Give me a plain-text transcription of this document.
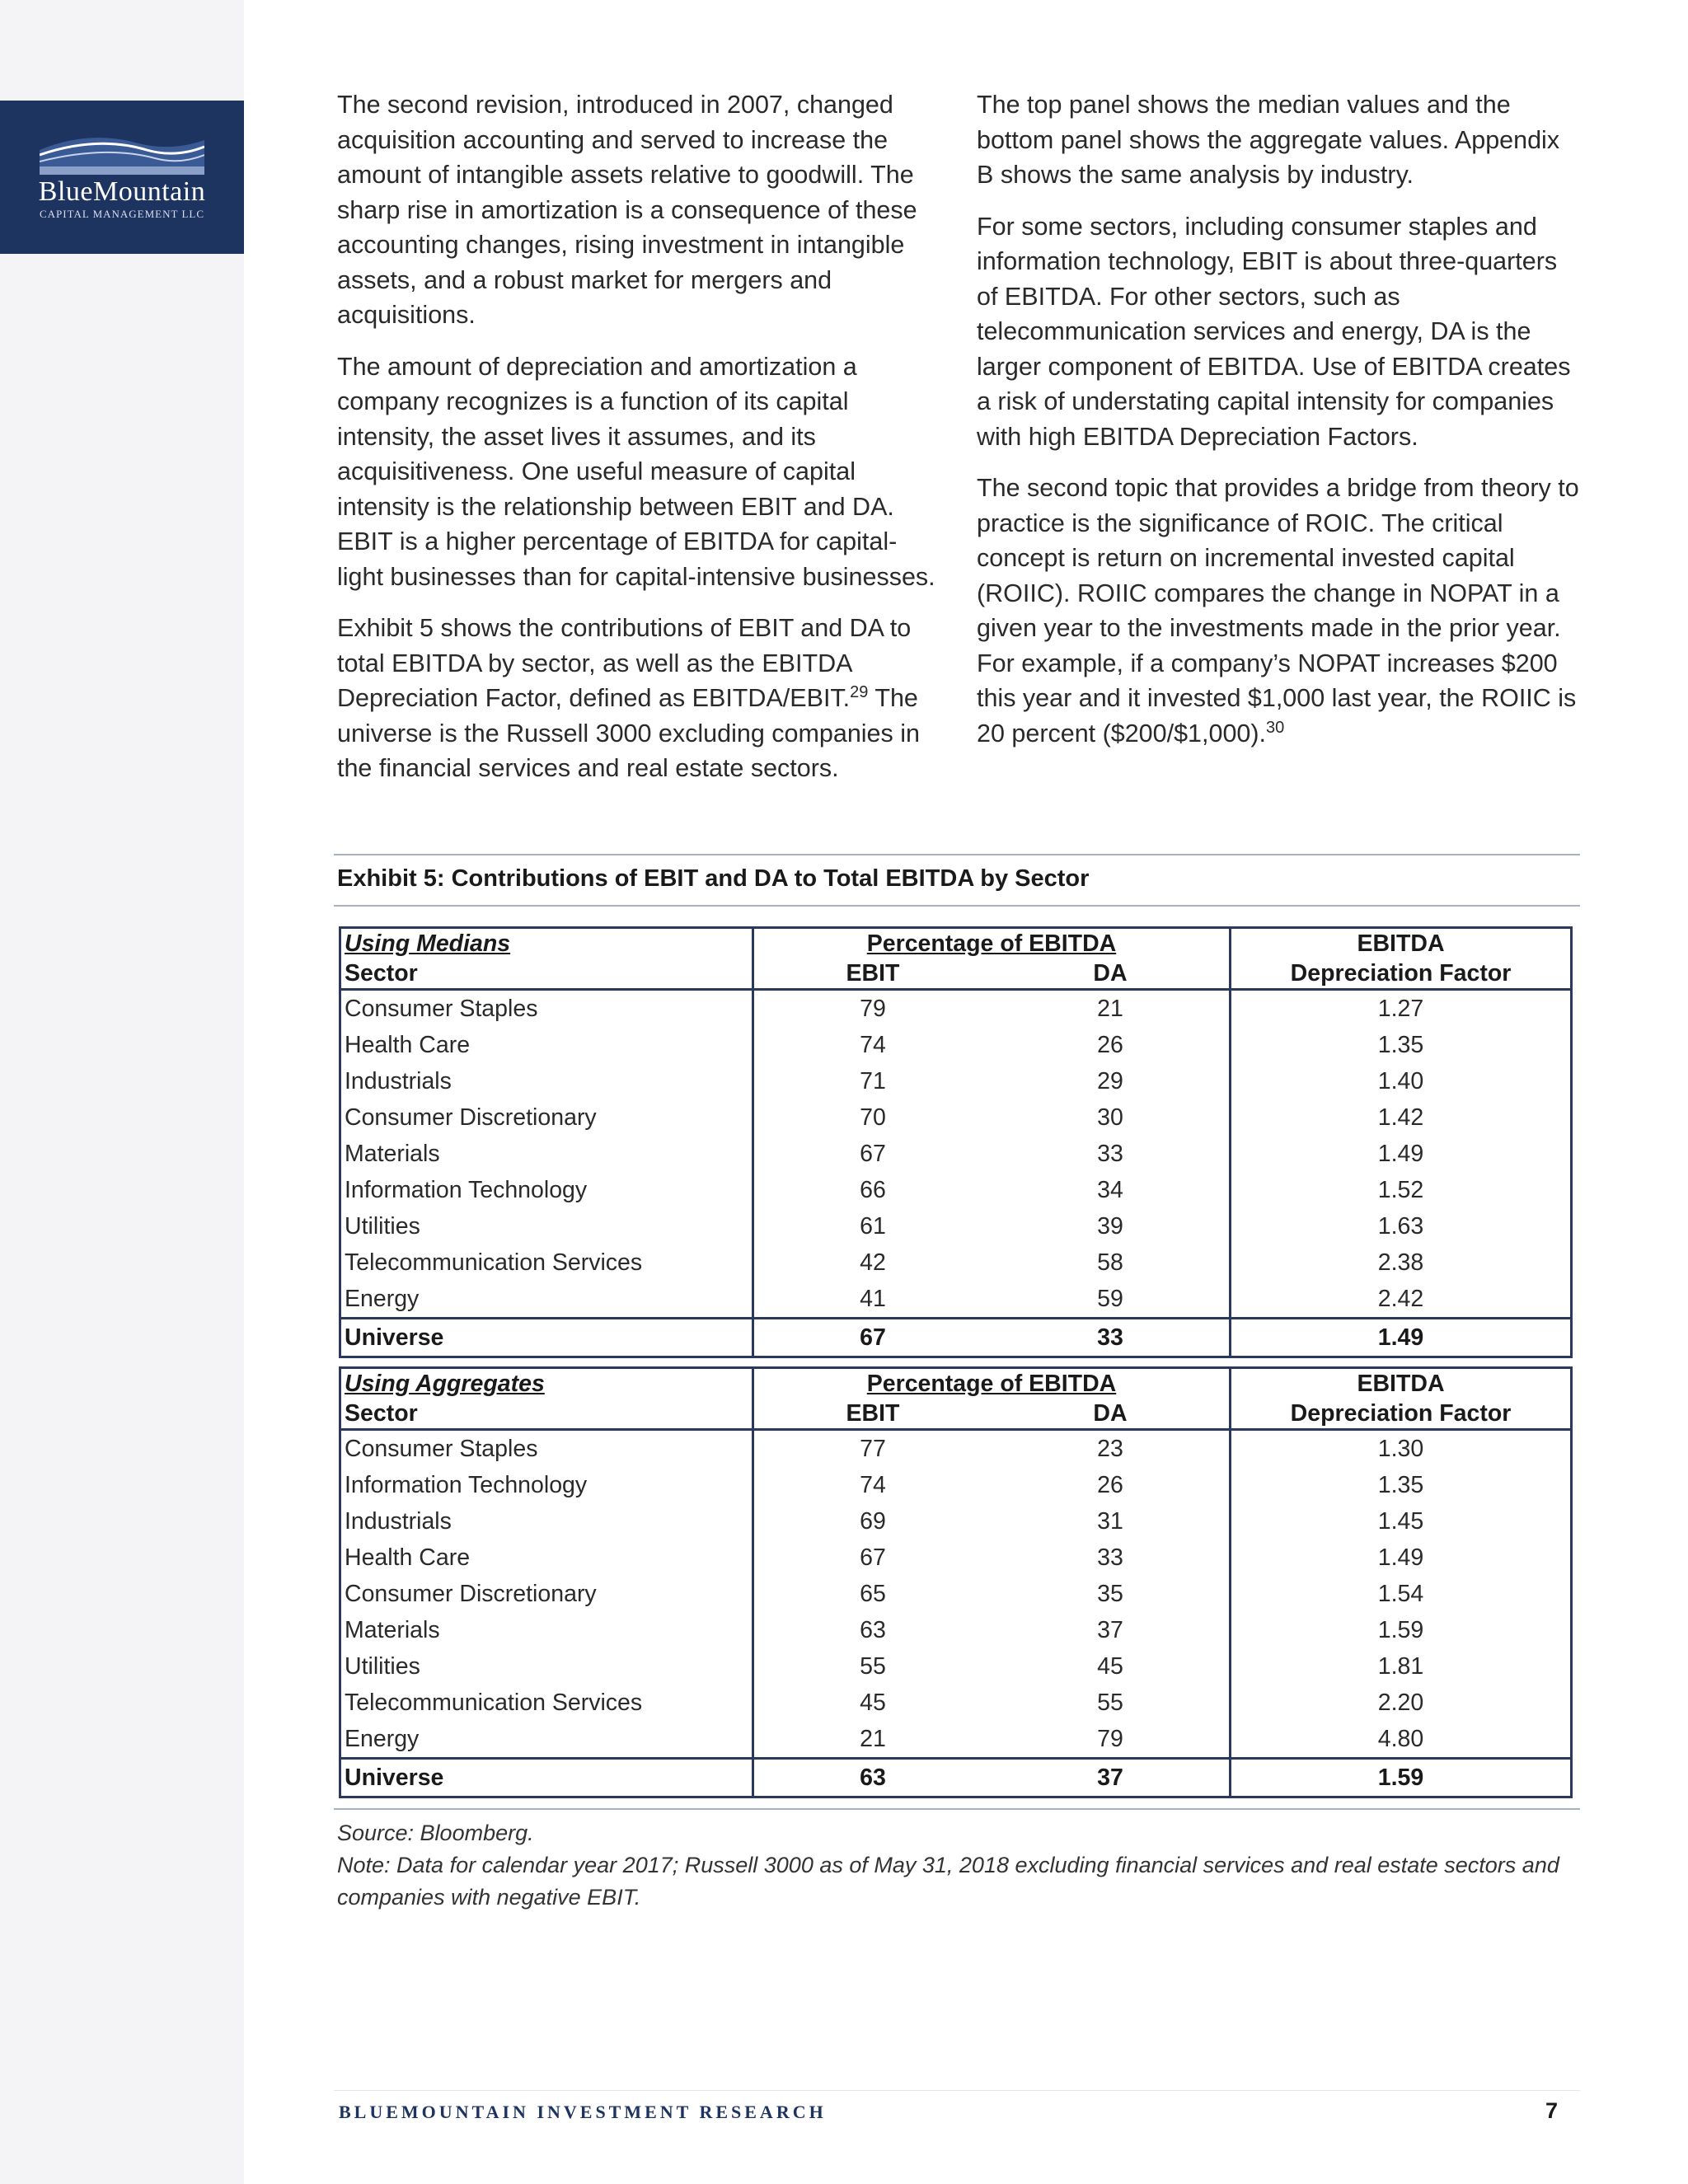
BlueMountain
CAPITAL MANAGEMENT LLC

The second revision, introduced in 2007, changed acquisition accounting and served to increase the amount of intangible assets relative to goodwill. The sharp rise in amortization is a consequence of these accounting changes, rising investment in intangible assets, and a robust market for mergers and acquisitions.

The amount of depreciation and amortization a company recognizes is a function of its capital intensity, the asset lives it assumes, and its acquisitiveness. One useful measure of capital intensity is the relationship between EBIT and DA. EBIT is a higher percentage of EBITDA for capital-light businesses than for capital-intensive businesses.

Exhibit 5 shows the contributions of EBIT and DA to total EBITDA by sector, as well as the EBITDA Depreciation Factor, defined as EBITDA/EBIT.$^{29}$ The universe is the Russell 3000 excluding companies in the financial services and real estate sectors.

The top panel shows the median values and the bottom panel shows the aggregate values. Appendix B shows the same analysis by industry.

For some sectors, including consumer staples and information technology, EBIT is about three-quarters of EBITDA. For other sectors, such as telecommunication services and energy, DA is the larger component of EBITDA. Use of EBITDA creates a risk of understating capital intensity for companies with high EBITDA Depreciation Factors.

The second topic that provides a bridge from theory to practice is the significance of ROIC. The critical concept is return on incremental invested capital (ROIIC). ROIIC compares the change in NOPAT in a given year to the investments made in the prior year. For example, if a company’s NOPAT increases $200 this year and it invested $1,000 last year, the ROIIC is 20 percent ($200/$1,000).$^{30}$

Exhibit 5: Contributions of EBIT and DA to Total EBITDA by Sector
Using Medians	Percentage of EBITDA	EBITDA
Sector	EBIT DA	Depreciation Factor
Consumer Staples	79 21	1.27
Health Care	74 26	1.35
Industrials	71 29	1.40
Consumer Discretionary	70 30	1.42
Materials	67 33	1.49
Information Technology	66 34	1.52
Utilities	61 39	1.63
Telecommunication Services	42 58	2.38
Energy	41 59	2.42
Universe	67 33	1.49
Using Aggregates	Percentage of EBITDA	EBITDA
Sector	EBIT DA	Depreciation Factor
Consumer Staples	77 23	1.30
Information Technology	74 26	1.35
Industrials	69 31	1.45
Health Care	67 33	1.49
Consumer Discretionary	65 35	1.54
Materials	63 37	1.59
Utilities	55 45	1.81
Telecommunication Services	45 55	2.20
Energy	21 79	4.80
Universe	63 37	1.59

Source: Bloomberg.

Note: Data for calendar year 2017; Russell 3000 as of May 31, 2018 excluding financial services and real estate sectors and companies with negative EBIT.

BLUEMOUNTAIN INVESTMENT RESEARCH	7
